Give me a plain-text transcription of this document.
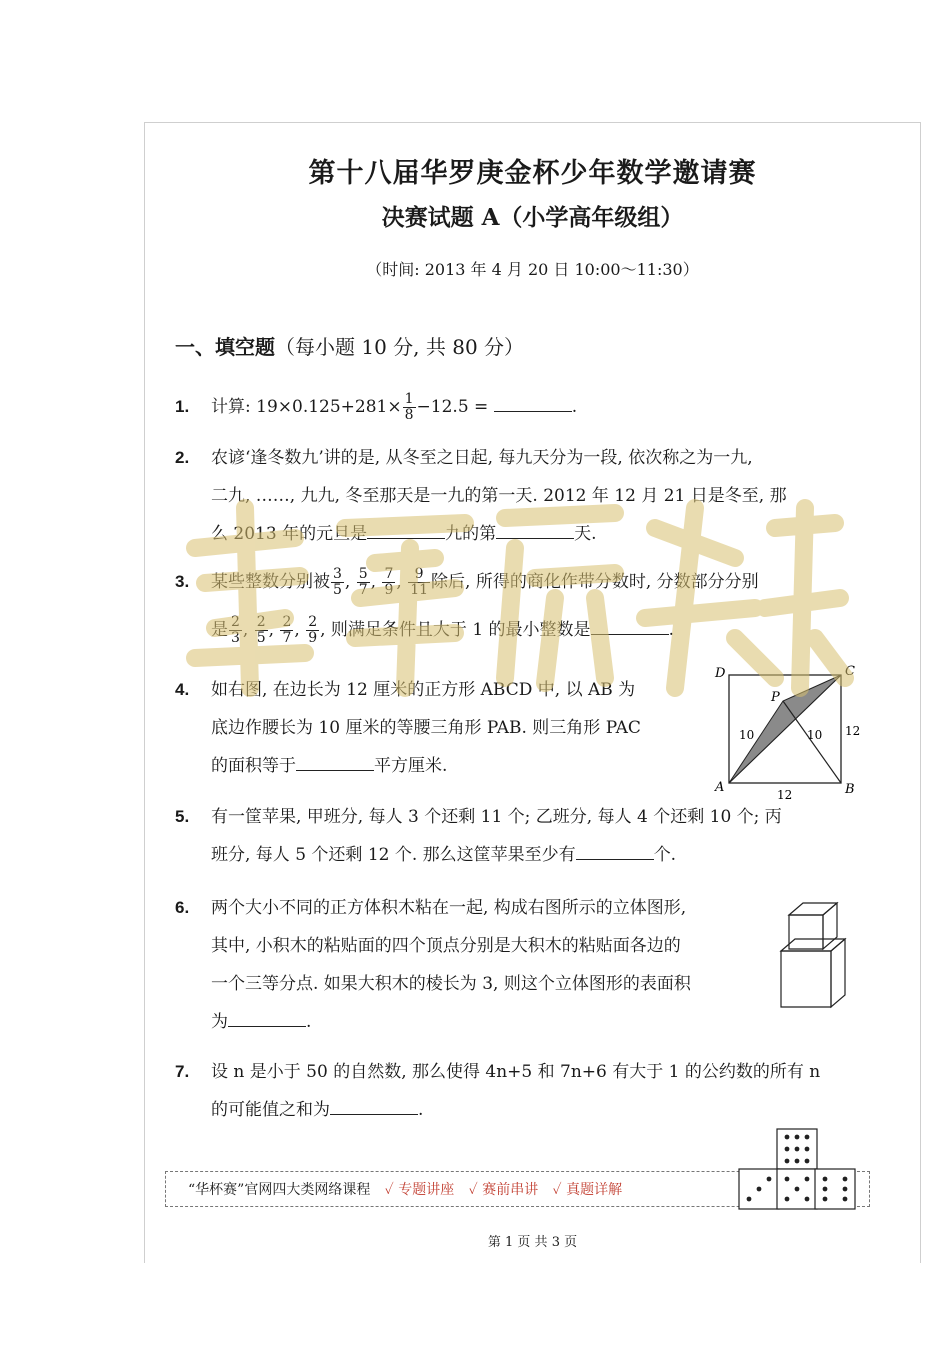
第十八届华罗庚金杯少年数学邀请赛
决赛试题 A（小学高年级组）
（时间: 2013 年 4 月 20 日 10:00～11:30）
一、填空题（每小题 10 分, 共 80 分）
1. 计算: $19\times 0.125+281\times \frac{1}{8} -12.5$ =	.
2. 农谚‘逢冬数九’讲的是, 从冬至之日起, 每九天分为一段, 依次称之为一九,
二九, ……, 九九, 冬至那天是一九的第一天. 2012 年 12 月 21 日是冬至, 那
么 2013 年的元旦是	九的第	天.
3. 某些整数分别被 $\frac{3}{5}$ , $\frac{5}{7}$ , $\frac{7}{9}$ , $\frac{9}{11}$ 除后, 所得的商化作带分数时, 分数部分分别
是 $\frac{2}{3}$ , $\frac{2}{5}$ , $\frac{2}{7}$ , $\frac{2}{9}$ , 则满足条件且大于 1 的最小整数是	.
4. 如右图, 在边长为 12 厘米的正方形 ABCD 中, 以 AB 为
底边作腰长为 10 厘米的等腰三角形 PAB. 则三角形 PAC
的面积等于	平方厘米.
D	C
A	B
P
10	10 12
12
5. 有一筐苹果, 甲班分, 每人 3 个还剩 11 个; 乙班分, 每人 4 个还剩 10 个; 丙
班分, 每人 5 个还剩 12 个. 那么这筐苹果至少有	个.
6. 两个大小不同的正方体积木粘在一起, 构成右图所示的立体图形,
其中, 小积木的粘贴面的四个顶点分别是大积木的粘贴面各边的
一个三等分点. 如果大积木的棱长为 3, 则这个立体图形的表面积
为	.
7. 设 n 是小于 50 的自然数, 那么使得 4n+5 和 7n+6 有大于 1 的公约数的所有 n
的可能值之和为	.
“华杯赛”官网四大类网络课程 ✓ 专题讲座 ✓ 赛前串讲 ✓ 真题详解
第 1 页 共 3 页
